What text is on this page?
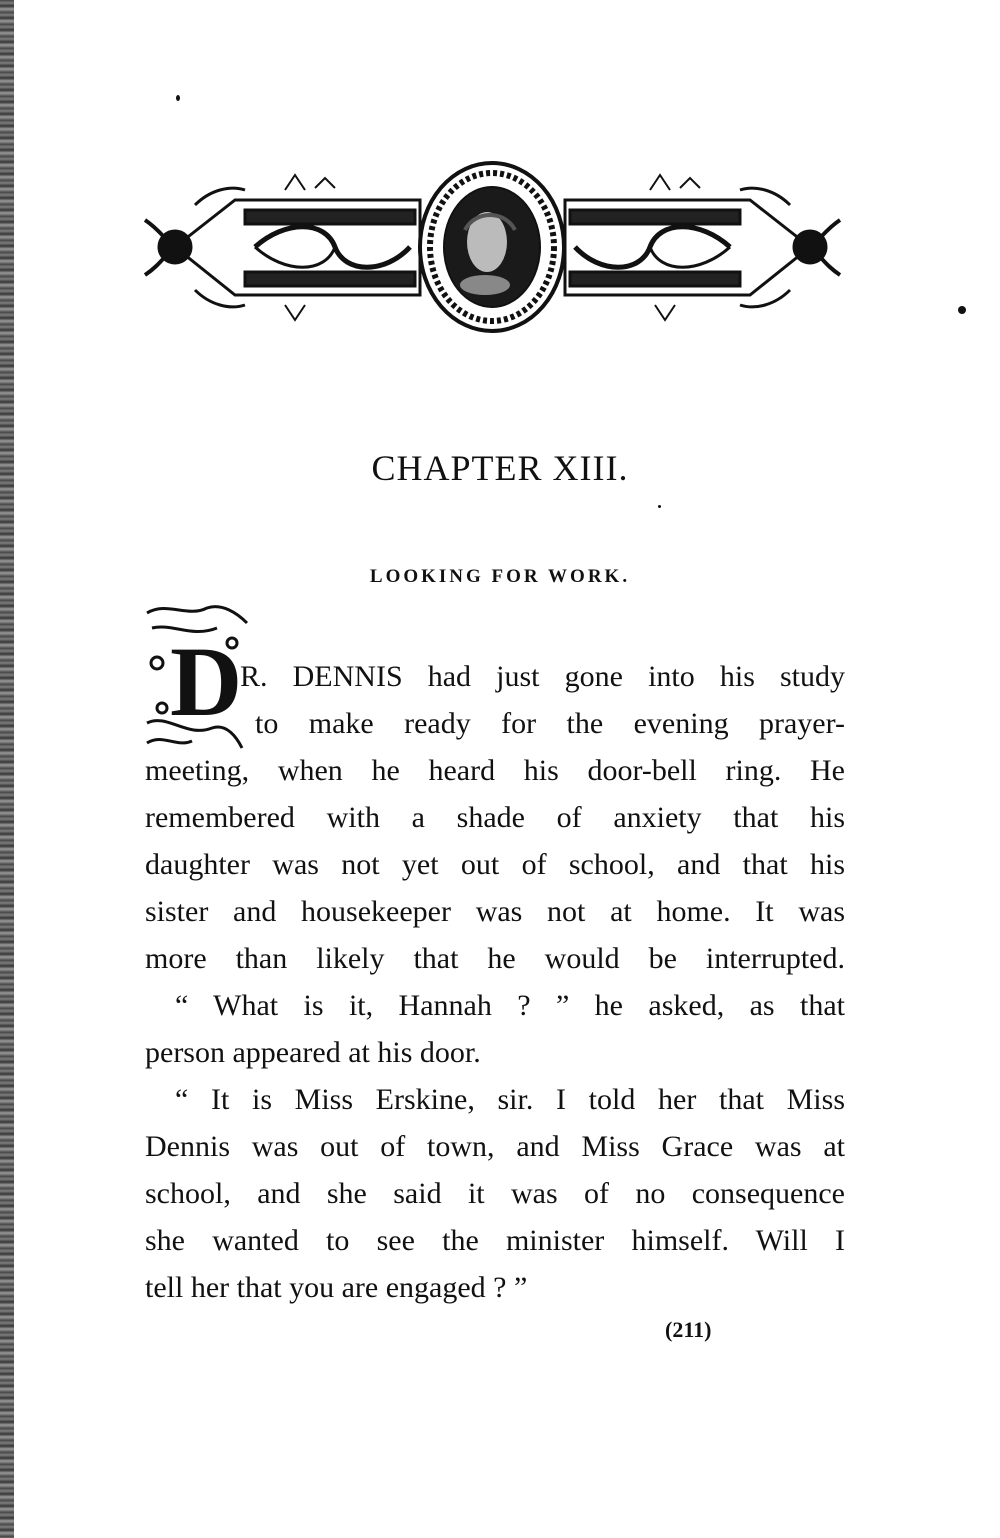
CHAPTER XIII.
LOOKING FOR WORK.
D
R. DENNIS had just gone into his study
to make ready for the evening prayer-
meeting, when he heard his door-bell ring. He
remembered with a shade of anxiety that his
daughter was not yet out of school, and that his
sister and housekeeper was not at home. It was
more than likely that he would be interrupted.
“ What is it, Hannah ? ” he asked, as that
person appeared at his door.
“ It is Miss Erskine, sir. I told her that Miss
Dennis was out of town, and Miss Grace was at
school, and she said it was of no consequence
she wanted to see the minister himself. Will I
tell her that you are engaged ? ”
(211)
